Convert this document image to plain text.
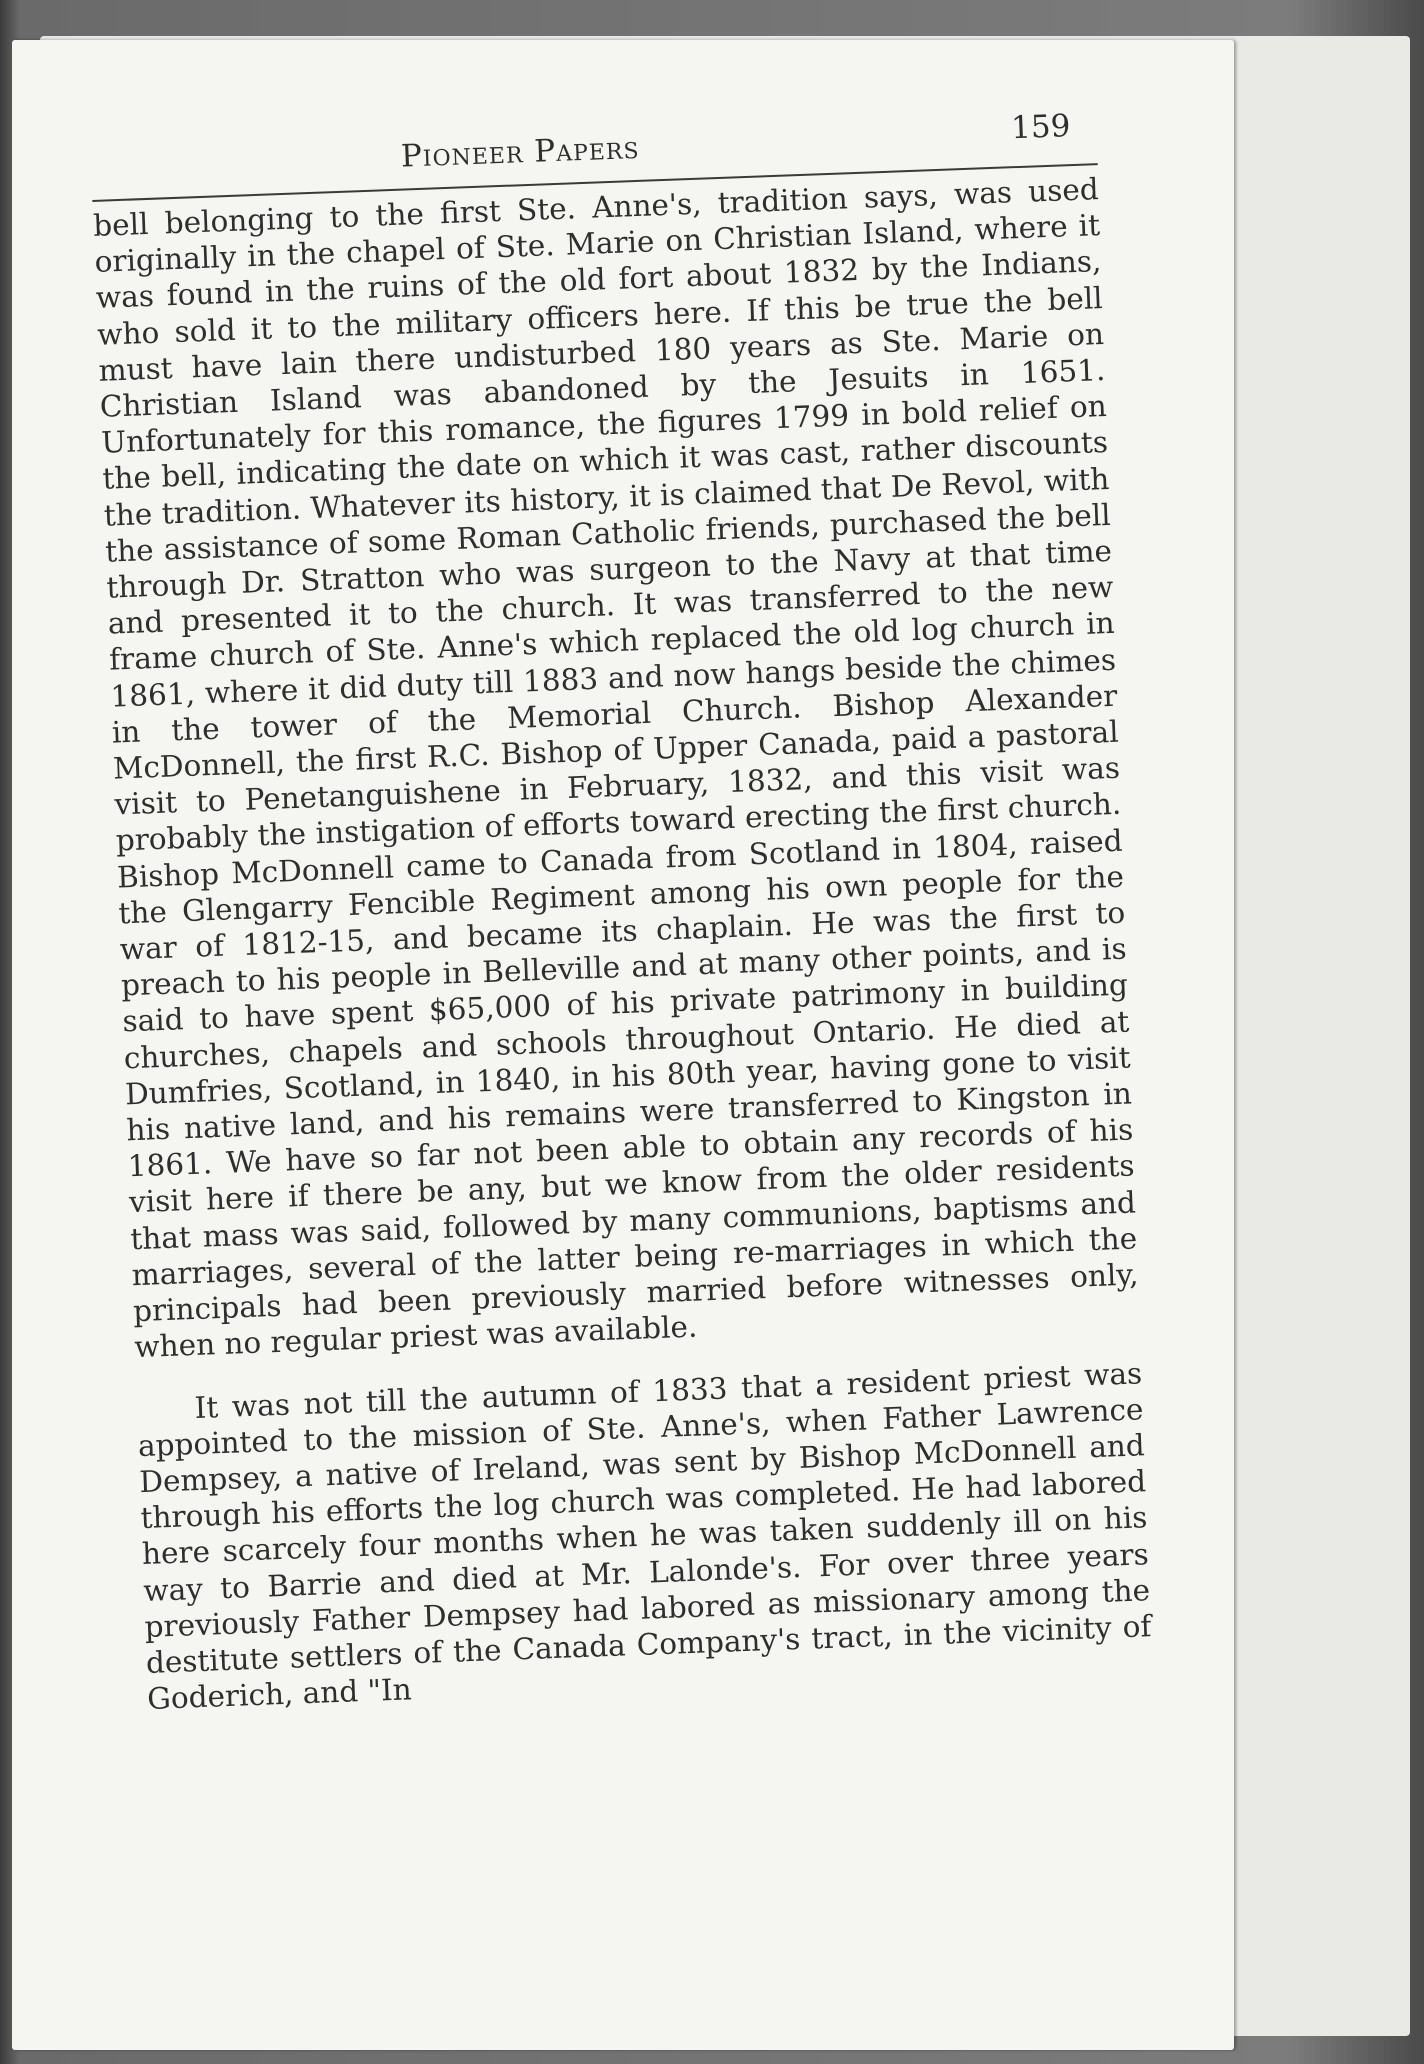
Pioneer Papers
159

bell belonging to the first Ste. Anne's, tradition says, was used originally in the chapel of Ste. Marie on Christian Island, where it was found in the ruins of the old fort about 1832 by the Indians, who sold it to the military officers here. If this be true the bell must have lain there undisturbed 180 years as Ste. Marie on Christian Island was abandoned by the Jesuits in 1651. Unfortunately for this romance, the figures 1799 in bold relief on the bell, indicating the date on which it was cast, rather discounts the tradition. Whatever its history, it is claimed that De Revol, with the assistance of some Roman Catholic friends, purchased the bell through Dr. Stratton who was surgeon to the Navy at that time and presented it to the church. It was transferred to the new frame church of Ste. Anne's which replaced the old log church in 1861, where it did duty till 1883 and now hangs beside the chimes in the tower of the Memorial Church. Bishop Alexander McDonnell, the first R.C. Bishop of Upper Canada, paid a pastoral visit to Penetanguishene in February, 1832, and this visit was probably the instigation of efforts toward erecting the first church. Bishop McDonnell came to Canada from Scotland in 1804, raised the Glengarry Fencible Regiment among his own people for the war of 1812-15, and became its chaplain. He was the first to preach to his people in Belleville and at many other points, and is said to have spent $65,000 of his private patrimony in building churches, chapels and schools throughout Ontario. He died at Dumfries, Scotland, in 1840, in his 80th year, having gone to visit his native land, and his remains were transferred to Kingston in 1861. We have so far not been able to obtain any records of his visit here if there be any, but we know from the older residents that mass was said, followed by many communions, baptisms and marriages, several of the latter being re-marriages in which the principals had been previously married before witnesses only, when no regular priest was available.

It was not till the autumn of 1833 that a resident priest was appointed to the mission of Ste. Anne's, when Father Lawrence Dempsey, a native of Ireland, was sent by Bishop McDonnell and through his efforts the log church was completed. He had labored here scarcely four months when he was taken suddenly ill on his way to Barrie and died at Mr. Lalonde's. For over three years previously Father Dempsey had labored as missionary among the destitute settlers of the Canada Company's tract, in the vicinity of Goderich, and "In
